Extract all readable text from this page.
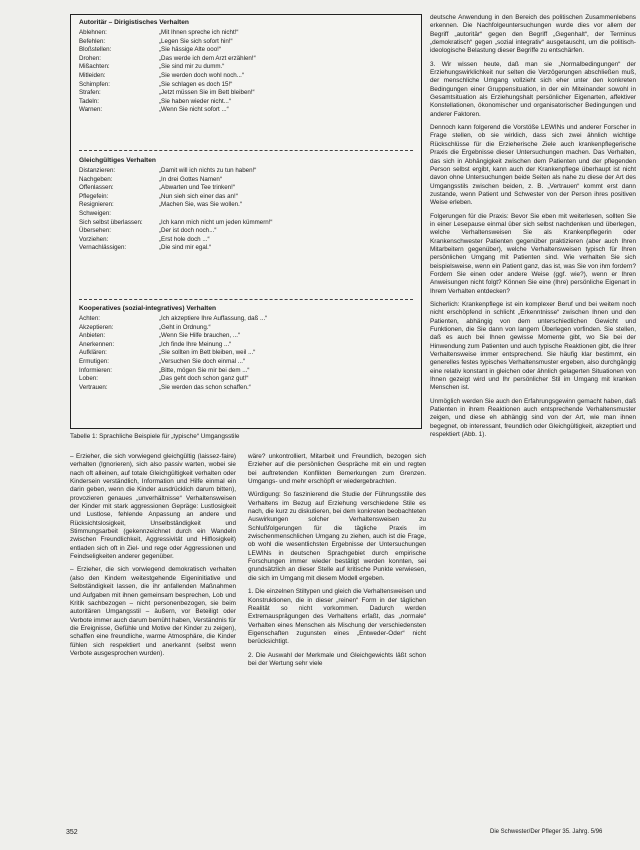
Autoritär – Dirigistisches Verhalten
Ablehnen:	„Mit Ihnen spreche ich nicht!“
Befehlen:	„Legen Sie sich sofort hin!“
Bloßstellen:	„Sie hässige Alte ooo!“
Drohen:	„Das werde ich dem Arzt erzählen!“
Mißachten:	„Sie sind mir zu dumm.“
Mitleiden:	„Sie werden doch wohl noch...“
Schimpfen:	„Sie schlagen es doch 15!“
Strafen:	„Jetzt müssen Sie im Bett bleiben!“
Tadeln:	„Sie haben wieder nicht...“
Warnen:	„Wenn Sie nicht sofort ...“
Gleichgültiges Verhalten
Distanzieren:	„Damit will ich nichts zu tun haben!“
Nachgeben:	„In drei Gottes Namen“
Offenlassen:	„Abwarten und Tee trinken!“
Pflegefein:	„Nun sieh sich einer das an!“
Resignieren:	„Machen Sie, was Sie wollen.“
Schweigen:
Sich selbst überlassen:	„Ich kann mich nicht um jeden kümmern!“
Übersehen:	„Der ist doch noch...“
Vorziehen:	„Erst hole doch ...“
Vernachlässigen:	„Die sind mir egal.“
Kooperatives (sozial-integratives) Verhalten
Achten:	„Ich akzeptiere Ihre Auffassung, daß ...“
Akzeptieren:	„Geht in Ordnung.“
Anbieten:	„Wenn Sie Hilfe brauchen, ...“
Anerkennen:	„Ich finde Ihre Meinung ...“
Aufklären:	„Sie sollten im Bett bleiben, weil ...“
Ermutigen:	„Versuchen Sie doch einmal ...“
Informieren:	„Bitte, mögen Sie mir bei dem ...“
Loben:	„Das geht doch schon ganz gut!“
Vertrauen:	„Sie werden das schon schaffen.“
Tabelle 1: Sprachliche Beispiele für „typische“ Umgangsstile

– Erzieher, die sich vorwiegend gleichgültig (laissez-faire) verhalten (Ignorieren), sich also passiv warten, wobei sie nach oft alleinen, auf totale Gleichgültigkeit verhalten oder Kindersein verständlich, Information und Hilfe einmal ein darin geben, wenn die Kinder ausdrücklich darum bitten), provozieren genaues „unverhältnisse“ Verhaltensweisen der Kinder mit stark aggressionen Gepräge: Lustlosigkeit und Lustlose, fehlende Anpassung an andere und Rücksichtslosigkeit, Unselbständigkeit und Stimmungsarbeit (gekennzeichnet durch ein Wandeln zwischen Freundlichkeit, Aggressivität und Hilflosigkeit) entladen sich oft in Ziel- und rege oder Aggressionen und Feindseligkeiten anderer gegenüber.

– Erzieher, die sich vorwiegend demokratisch verhalten (also den Kindern weitestgehende Eigeninitiative und Selbständigkeit lassen, die ihr anfallenden Maßnahmen und Aufgaben mit ihnen gemeinsam besprechen, Lob und Kritik sachbezogen – nicht personenbezogen, sie beim autoritären Umgangsstil – äußern, vor Beteiligt oder Verbote immer auch darum bemüht haben, Verständnis für die Ereignisse, Gefühle und Motive der Kinder zu zeigen), schaffen eine freundliche, warme Atmosphäre, die Kinder fühlen sich respektiert und anerkannt (selbst wenn Verbote ausgesprochen wurden).

wäre? unkontrolliert, Mitarbeit und Freundlich, bezogen sich Erzieher auf die persönlichen Gespräche mit ein und regten bei auftretenden Konflikten Bemerkungen zum Grenzen. Umgangs- und mehr erschöpft er wiedergebrachten.

Würdigung: So faszinierend die Studie der Führungsstile des Verhaltens im Bezug auf Erziehung verschiedene Stile es nach, die kurz zu diskutieren, bei dem konkreten beobachteten Auswirkungen solcher Verhaltensweisen zu Schlußfolgerungen für die tägliche Praxis im zwischenmenschlichen Umgang zu ziehen, auch ist die Frage, ob wohl die wesentlichsten Ergebnisse der Untersuchungen LEWINs in deutschen Sprachgebiet durch empirische Forschungen immer wieder bestätigt werden konnten, sei grundsätzlich an dieser Stelle auf kritische Punkte verwiesen, die sich im Umgang mit diesem Modell ergeben.

1. Die einzelnen Stiltypen und gleich die Verhaltensweisen und Konstruktionen, die in dieser „reinen“ Form in der täglichen Realität so nicht vorkommen. Dadurch werden Extremausprägungen des Verhaltens erfaßt, das „normale“ Verhalten eines Menschen als Mischung der verschiedensten Eigenschaften zugunsten eines „Entweder-Oder“ nicht berücksichtigt.

2. Die Auswahl der Merkmale und Gleichgewichts läßt schon bei der Wertung sehr viele

deutsche Anwendung in den Bereich des politischen Zusammenlebens erkennen. Die Nachfolgeuntersuchungen wurde dies vor allem der Begriff „autoritär“ gegen den Begriff „Gegenhalt“, der Terminus „demokratisch“ gegen „sozial integrativ“ ausgetauscht, um die politisch-ideologische Belastung dieser Begriffe zu entschärfen.

3. Wir wissen heute, daß man sie „Normalbedingungen“ der Erziehungswirklichkeit nur selten die Verzögerungen abschließen muß, der menschliche Umgang vollzieht sich eher unter den konkreten Bedingungen einer Gruppensituation, in der ein Miteinander sowohl in Gesamtsituation als Erziehungshalt persönlicher Eigenarten, affektiver Konstellationen, ökonomischer und organisatorischer Bedingungen und anderer Faktoren.

Dennoch kann folgerend die Vorstöße LEWINs und anderer Forscher in Frage stellen, ob sie wirklich, dass sich zwei ähnlich wichtige Rückschlüsse für die Erzieherische Ziele auch krankenpflegerische Praxis die Ergebnisse dieser Untersuchungen machen. Das Verhalten, das sich in Abhängigkeit zwischen dem Patienten und der pflegenden Person selbst ergibt, kann auch der Krankenpflege überhaupt ist nicht davon ohne Untersuchungen beide Seiten als nahe zu diese der Art des Umgangsstils zwischen beiden, z. B. „Vertrauen“ kommt erst dann zustande, wenn Patient und Schwester von der Person ihres positiven Weise erleben.

Folgerungen für die Praxis: Bevor Sie eben mit weiterlesen, sollten Sie in einer Lesepause einmal über sich selbst nachdenken und überlegen, welche Verhaltensweisen Sie als Krankenpflegerin oder Krankenschwester Patienten gegenüber praktizieren (aber auch Ihren Mitarbeitern gegenüber), welche Verhaltensweisen typisch für Ihren persönlichen Umgang mit Patienten sind. Wie verhalten Sie sich beispielsweise, wenn ein Patient ganz, das ist, was Sie von ihm fordern? Fordern Sie einen oder andere Weise (ggf. wie?), wenn er Ihren Anweisungen nicht folgt? Können Sie eine (Ihre) persönliche Eigenart in Ihrem Verhalten entdecken?

Sicherlich: Krankenpflege ist ein komplexer Beruf und bei weitem noch nicht erschöpfend in schlicht „Erkenntnisse“ zwischen Ihnen und den Patienten, abhängig von dem unterschiedlichen Gewicht und Funktionen, die Sie dann von langem Überlegen vorfinden. Sie stellen, daß es auch bei Ihnen gewisse Momente gibt, wo Sie bei der Hinwendung zum Patienten und auch typische Reaktionen gibt, die Ihrer Verhaltensweise immer entsprechend. Sie häufig klar bestimmt, ein generelles festes typisches Verhaltensmuster ergeben, also durchgängig eine relativ konstant in gleichen oder ähnlich gelagerten Situationen von Ihnen gezeigt wird und Ihr persönlicher Stil im Umgang mit kranken Menschen ist.

Unmöglich werden Sie auch den Erfahrungsgewinn gemacht haben, daß Patienten in ihrem Reaktionen auch entsprechende Verhaltensmuster zeigen, und diese eh abhängig sind von der Art, wie man ihnen begegnet, ob interessant, freundlich oder Gleichgültigkeit, akzeptiert und respektiert (Abb. 1).

352	Die Schwester/Der Pfleger 35. Jahrg. 5/96
